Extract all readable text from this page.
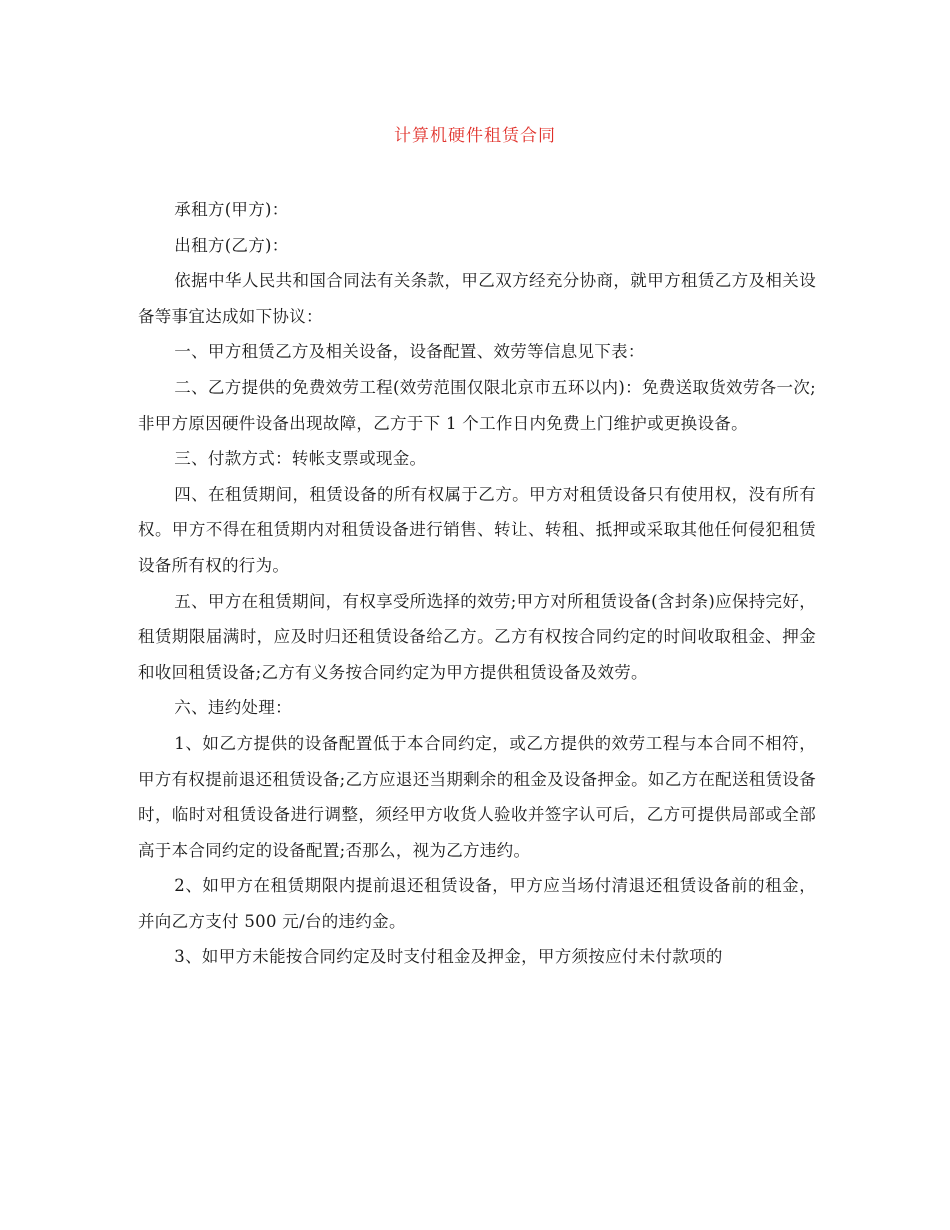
计算机硬件租赁合同

承租方(甲方)：

出租方(乙方)：

依据中华人民共和国合同法有关条款，甲乙双方经充分协商，就甲方租赁乙方及相关设备等事宜达成如下协议：

一、甲方租赁乙方及相关设备，设备配置、效劳等信息见下表：

二、乙方提供的免费效劳工程(效劳范围仅限北京市五环以内)：免费送取货效劳各一次;非甲方原因硬件设备出现故障，乙方于下 1 个工作日内免费上门维护或更换设备。

三、付款方式：转帐支票或现金。

四、在租赁期间，租赁设备的所有权属于乙方。甲方对租赁设备只有使用权，没有所有权。甲方不得在租赁期内对租赁设备进行销售、转让、转租、抵押或采取其他任何侵犯租赁设备所有权的行为。

五、甲方在租赁期间，有权享受所选择的效劳;甲方对所租赁设备(含封条)应保持完好，租赁期限届满时，应及时归还租赁设备给乙方。乙方有权按合同约定的时间收取租金、押金和收回租赁设备;乙方有义务按合同约定为甲方提供租赁设备及效劳。

六、违约处理：

1、如乙方提供的设备配置低于本合同约定，或乙方提供的效劳工程与本合同不相符，甲方有权提前退还租赁设备;乙方应退还当期剩余的租金及设备押金。如乙方在配送租赁设备时，临时对租赁设备进行调整，须经甲方收货人验收并签字认可后，乙方可提供局部或全部高于本合同约定的设备配置;否那么，视为乙方违约。

2、如甲方在租赁期限内提前退还租赁设备，甲方应当场付清退还租赁设备前的租金，并向乙方支付 500 元/台的违约金。

3、如甲方未能按合同约定及时支付租金及押金，甲方须按应付未付款项的
